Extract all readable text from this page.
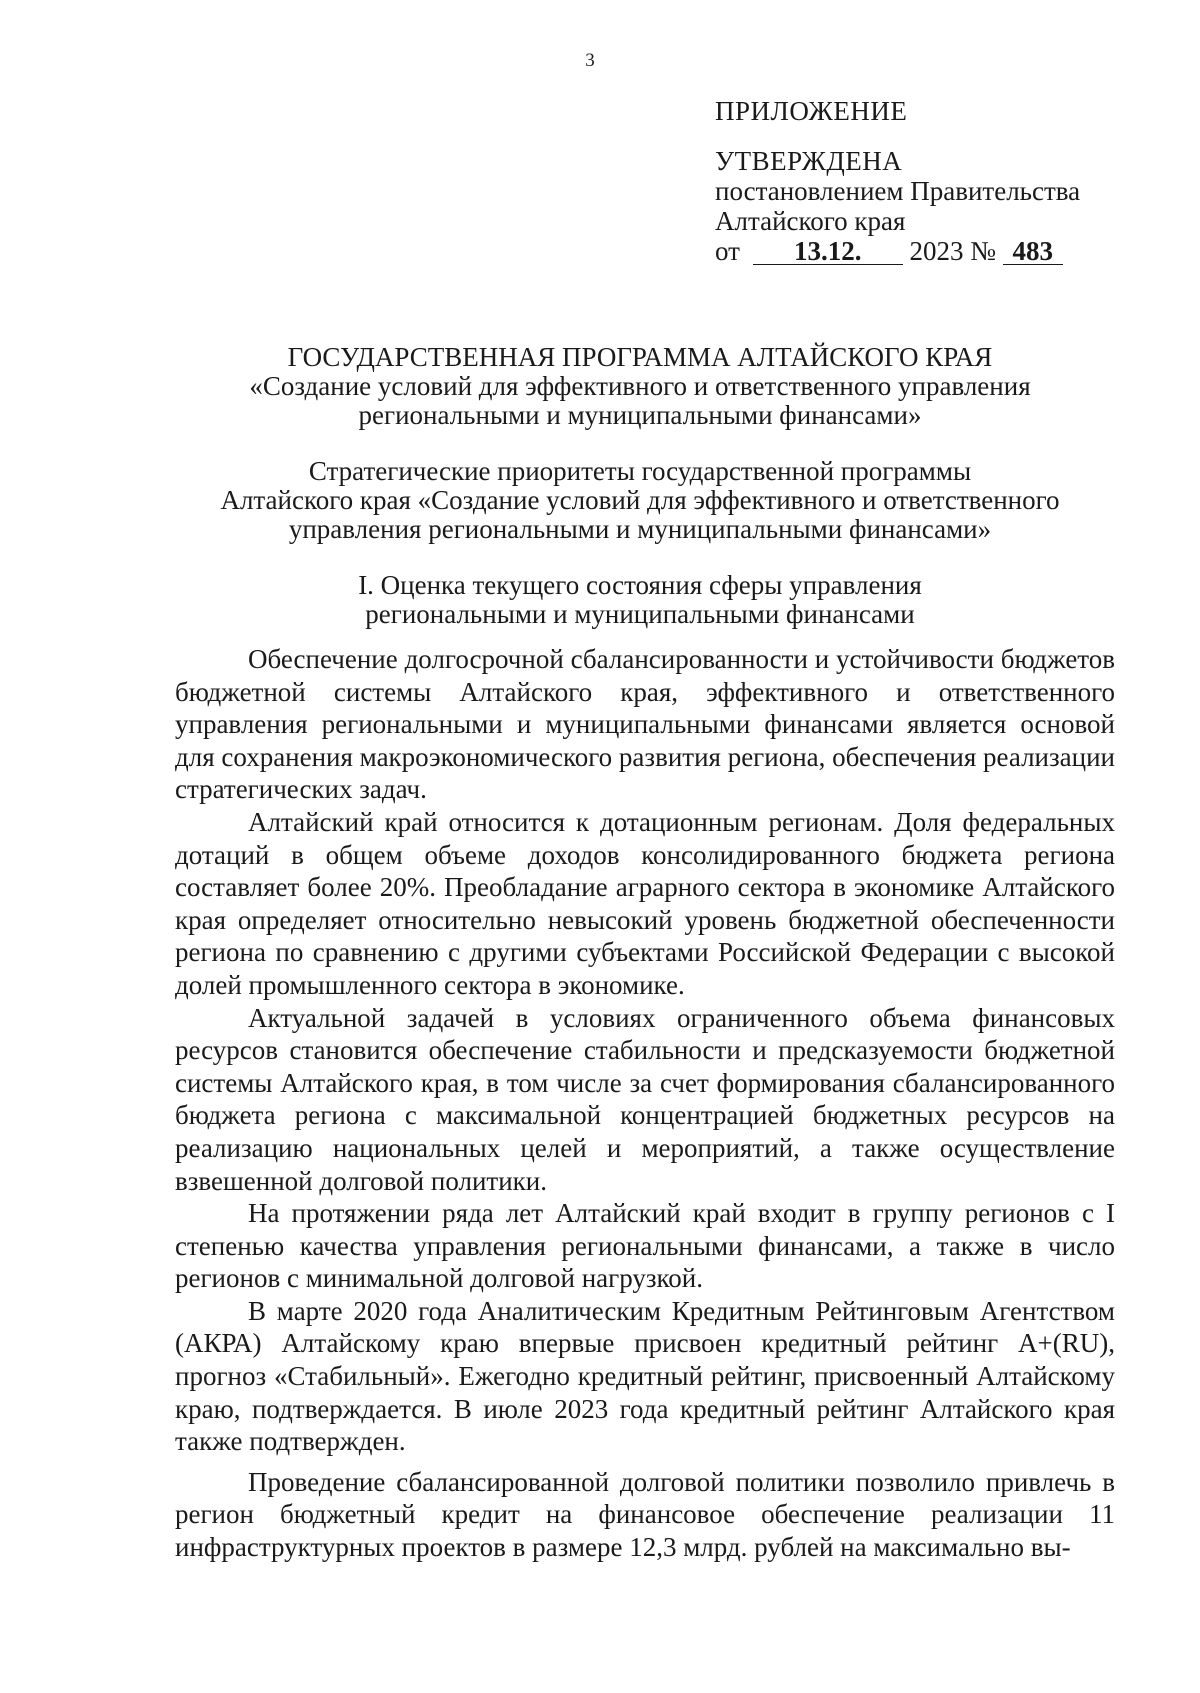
3
ПРИЛОЖЕНИЕ
УТВЕРЖДЕНА
постановлением Правительства
Алтайского края
от 13.12. 2023 № 483

ГОСУДАРСТВЕННАЯ ПРОГРАММА АЛТАЙСКОГО КРАЯ

«Создание условий для эффективного и ответственного управления

региональными и муниципальными финансами»

Стратегические приоритеты государственной программы

Алтайского края «Создание условий для эффективного и ответственного

управления региональными и муниципальными финансами»

I. Оценка текущего состояния сферы управления

региональными и муниципальными финансами

Обеспечение долгосрочной сбалансированности и устойчивости бюджетов бюджетной системы Алтайского края, эффективного и ответственного управления региональными и муниципальными финансами является основой для сохранения макроэкономического развития региона, обеспечения реализации стратегических задач.

Алтайский край относится к дотационным регионам. Доля федеральных дотаций в общем объеме доходов консолидированного бюджета региона составляет более 20%. Преобладание аграрного сектора в экономике Алтайского края определяет относительно невысокий уровень бюджетной обеспеченности региона по сравнению с другими субъектами Российской Федерации с высокой долей промышленного сектора в экономике.

Актуальной задачей в условиях ограниченного объема финансовых ресурсов становится обеспечение стабильности и предсказуемости бюджетной системы Алтайского края, в том числе за счет формирования сбалансированного бюджета региона с максимальной концентрацией бюджетных ресурсов на реализацию национальных целей и мероприятий, а также осуществление взвешенной долговой политики.

На протяжении ряда лет Алтайский край входит в группу регионов с I степенью качества управления региональными финансами, а также в число регионов с минимальной долговой нагрузкой.

В марте 2020 года Аналитическим Кредитным Рейтинговым Агентством (АКРА) Алтайскому краю впервые присвоен кредитный рейтинг A+(RU), прогноз «Стабильный». Ежегодно кредитный рейтинг, присвоенный Алтайскому краю, подтверждается. В июле 2023 года кредитный рейтинг Алтайского края также подтвержден.

Проведение сбалансированной долговой политики позволило привлечь в регион бюджетный кредит на финансовое обеспечение реализации 11 инфраструктурных проектов в размере 12,3 млрд. рублей на максимально вы-
